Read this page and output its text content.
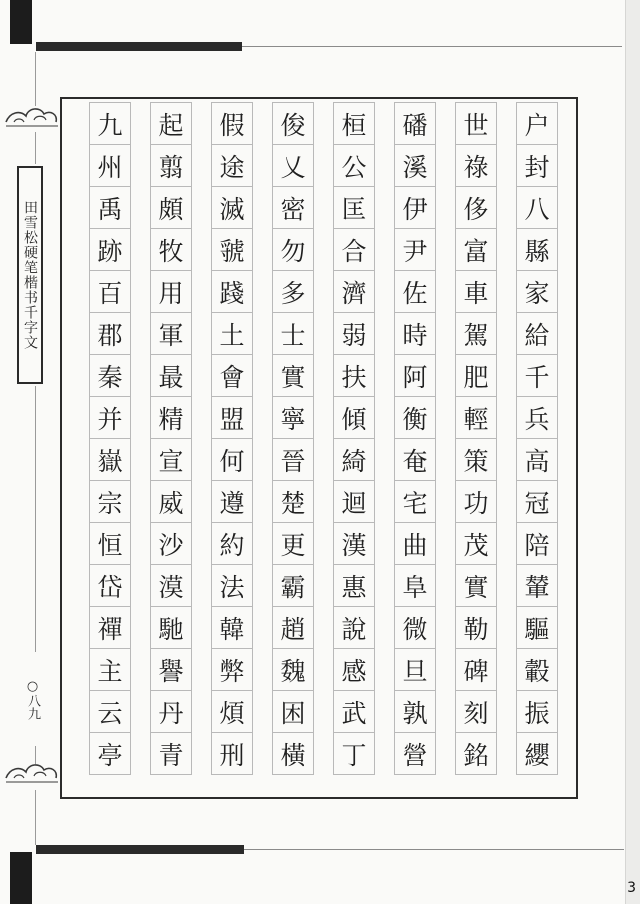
田雪松硬笔楷书千字文
○八九
户
封
八
縣
家
給
千
兵
高
冠
陪
輦
驅
轂
振
纓
世
祿
侈
富
車
駕
肥
輕
策
功
茂
實
勒
碑
刻
銘
磻
溪
伊
尹
佐
時
阿
衡
奄
宅
曲
阜
微
旦
孰
營
桓
公
匡
合
濟
弱
扶
傾
綺
迴
漢
惠
說
感
武
丁
俊
乂
密
勿
多
士
實
寧
晉
楚
更
霸
趙
魏
困
橫
假
途
滅
虢
踐
土
會
盟
何
遵
約
法
韓
弊
煩
刑
起
翦
頗
牧
用
軍
最
精
宣
威
沙
漠
馳
譽
丹
青
九
州
禹
跡
百
郡
秦
并
嶽
宗
恒
岱
禪
主
云
亭
3
